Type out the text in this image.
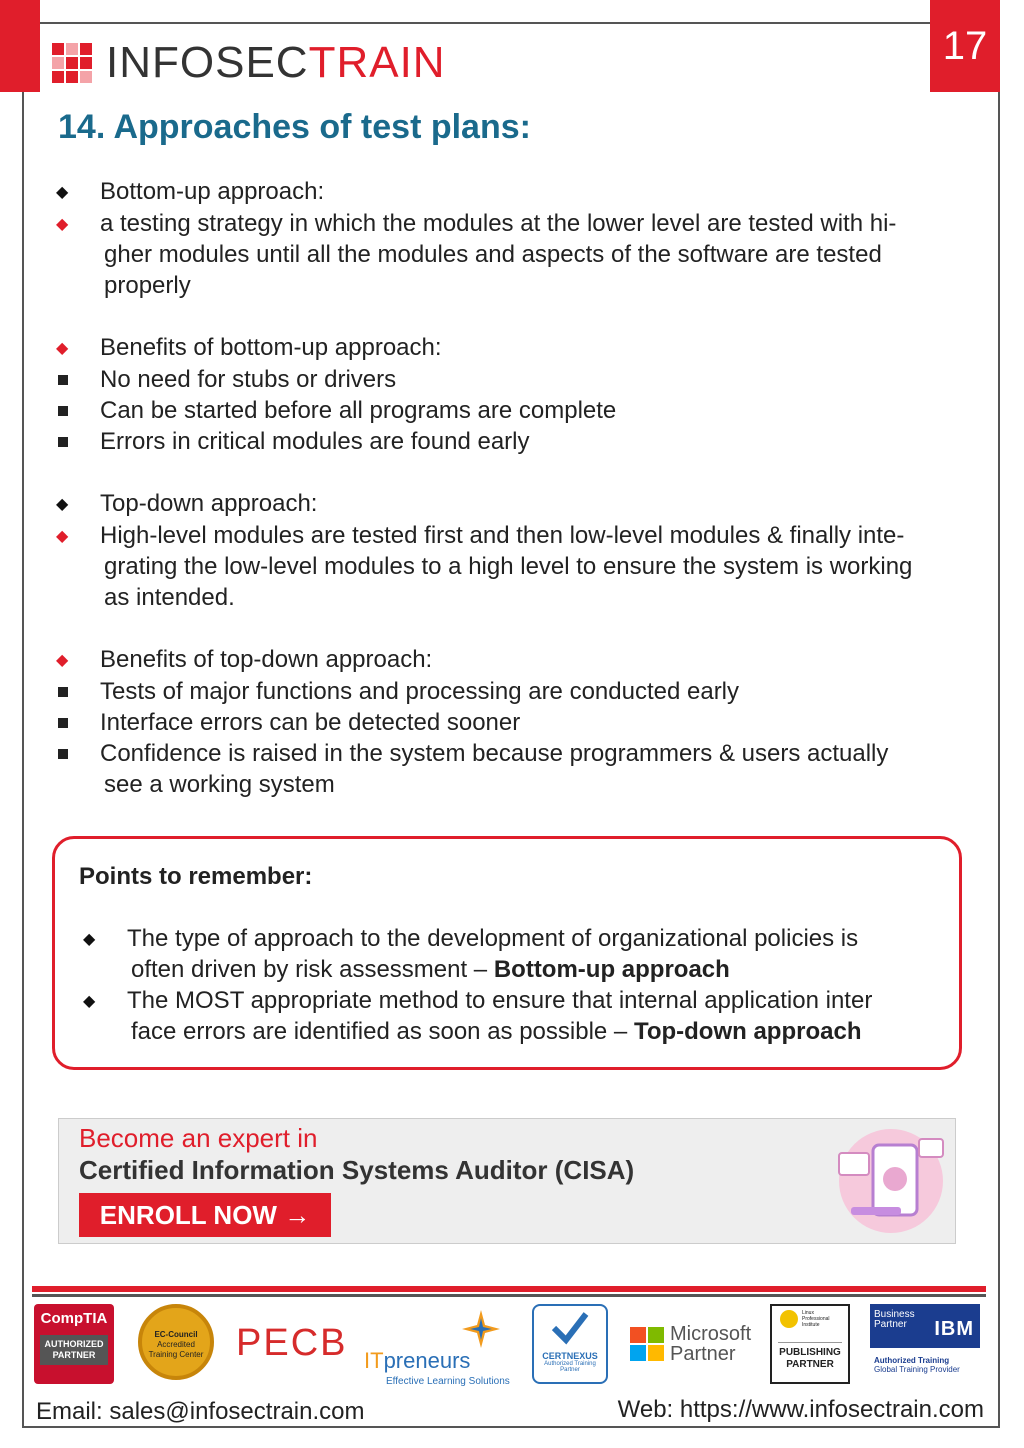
17
INFOSECTRAIN
14. Approaches of test plans:
◆ Bottom-up approach:
◆ a testing strategy in which the modules at the lower level are tested with hi-
gher modules until all the modules and aspects of the software are tested
properly
◆ Benefits of bottom-up approach:
No need for stubs or drivers
Can be started before all programs are complete
Errors in critical modules are found early
◆ Top-down approach:
◆ High-level modules are tested first and then low-level modules & finally inte-
grating the low-level modules to a high level to ensure the system is working
as intended.
◆ Benefits of top-down approach:
Tests of major functions and processing are conducted early
Interface errors can be detected sooner
Confidence is raised in the system because programmers & users actually
see a working system
Points to remember:
◆ The type of approach to the development of organizational policies is
often driven by risk assessment – Bottom-up approach
◆ The MOST appropriate method to ensure that internal application inter
face errors are identified as soon as possible – Top-down approach
Become an expert in
Certified Information Systems Auditor (CISA)
ENROLL NOW →
CompTIA
AUTHORIZED
PARTNER
EC-Council
Accredited
Training Center PECB ITpreneurs
Effective Learning Solutions
CERTNEXUS
Authorized Training Partner
Microsoft
Partner
Linux
Professional
Institute
PUBLISHING
PARTNER
Business
Partner	IBM
Authorized Training
Global Training Provider
Email: sales@infosectrain.com	Web: https://www.infosectrain.com
